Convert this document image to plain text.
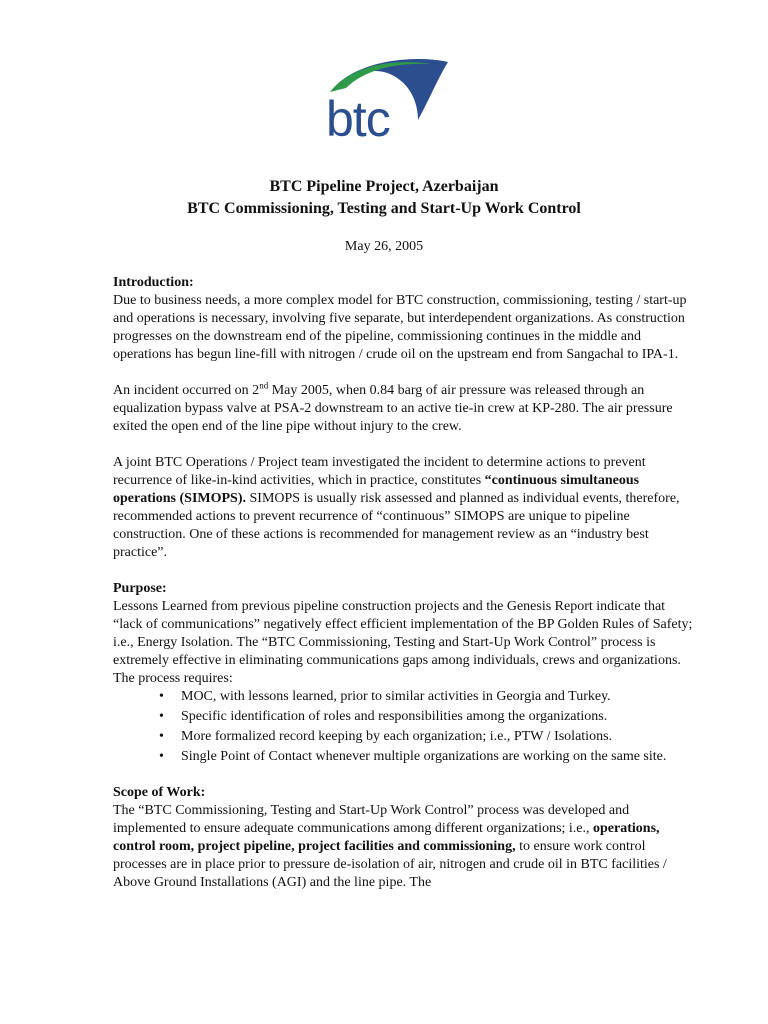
btc
BTC Pipeline Project, Azerbaijan
BTC Commissioning, Testing and Start-Up Work Control
May 26, 2005

Introduction:
Due to business needs, a more complex model for BTC construction, commissioning, testing / start-up and operations is necessary, involving five separate, but interdependent organizations. As construction progresses on the downstream end of the pipeline, commissioning continues in the middle and operations has begun line-fill with nitrogen / crude oil on the upstream end from Sangachal to IPA-1.

An incident occurred on 2nd May 2005, when 0.84 barg of air pressure was released through an equalization bypass valve at PSA-2 downstream to an active tie-in crew at KP-280. The air pressure exited the open end of the line pipe without injury to the crew.

A joint BTC Operations / Project team investigated the incident to determine actions to prevent recurrence of like-in-kind activities, which in practice, constitutes “continuous simultaneous operations (SIMOPS). SIMOPS is usually risk assessed and planned as individual events, therefore, recommended actions to prevent recurrence of “continuous” SIMOPS are unique to pipeline construction. One of these actions is recommended for management review as an “industry best practice”.

Purpose:
Lessons Learned from previous pipeline construction projects and the Genesis Report indicate that “lack of communications” negatively effect efficient implementation of the BP Golden Rules of Safety; i.e., Energy Isolation. The “BTC Commissioning, Testing and Start-Up Work Control” process is extremely effective in eliminating communications gaps among individuals, crews and organizations. The process requires:

• MOC, with lessons learned, prior to similar activities in Georgia and Turkey.
• Specific identification of roles and responsibilities among the organizations.
• More formalized record keeping by each organization; i.e., PTW / Isolations.
• Single Point of Contact whenever multiple organizations are working on the same site.

Scope of Work:
The “BTC Commissioning, Testing and Start-Up Work Control” process was developed and implemented to ensure adequate communications among different organizations; i.e., operations, control room, project pipeline, project facilities and commissioning, to ensure work control processes are in place prior to pressure de-isolation of air, nitrogen and crude oil in BTC facilities / Above Ground Installations (AGI) and the line pipe. The
